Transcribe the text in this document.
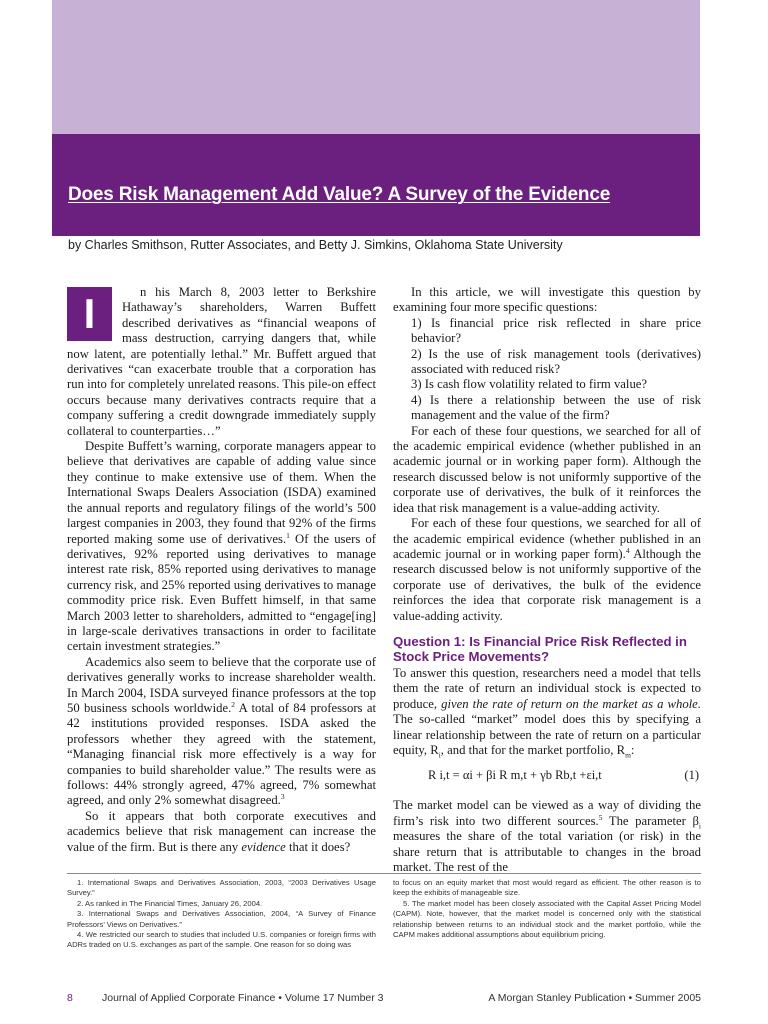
Does Risk Management Add Value? A Survey of the Evidence

by Charles Smithson, Rutter Associates, and Betty J. Simkins, Oklahoma State University

I	n his March 8, 2003 letter to Berkshire Hathaway’s shareholders, Warren Buffett described derivatives as “financial weapons of mass destruction, carrying dangers that, while now latent, are potentially lethal.” Mr. Buffett argued that derivatives “can exacerbate trouble that a corporation has run into for completely unrelated reasons. This pile-on effect occurs because many derivatives contracts require that a company suffering a credit downgrade immediately supply collateral to counterparties…”

Despite Buffett’s warning, corporate managers appear to believe that derivatives are capable of adding value since they continue to make extensive use of them. When the International Swaps Dealers Association (ISDA) examined the annual reports and regulatory filings of the world’s 500 largest companies in 2003, they found that 92% of the firms reported making some use of derivatives.$^1$ Of the users of derivatives, 92% reported using derivatives to manage interest rate risk, 85% reported using derivatives to manage currency risk, and 25% reported using derivatives to manage commodity price risk. Even Buffett himself, in that same March 2003 letter to shareholders, admitted to “engage[ing] in large-scale derivatives transactions in order to facilitate certain investment strategies.”

Academics also seem to believe that the corporate use of derivatives generally works to increase shareholder wealth. In March 2004, ISDA surveyed finance professors at the top 50 business schools worldwide.$^2$ A total of 84 professors at 42 institutions provided responses. ISDA asked the professors whether they agreed with the statement, “Managing financial risk more effectively is a way for companies to build shareholder value.” The results were as follows: 44% strongly agreed, 47% agreed, 7% somewhat agreed, and only 2% somewhat disagreed.$^3$

So it appears that both corporate executives and academics believe that risk management can increase the value of the firm. But is there any evidence that it does?

In this article, we will investigate this question by examining four more specific questions:

1) Is financial price risk reflected in share price behavior?

2) Is the use of risk management tools (derivatives) associated with reduced risk?

3) Is cash flow volatility related to firm value?

4) Is there a relationship between the use of risk management and the value of the firm?

For each of these four questions, we searched for all of the academic empirical evidence (whether published in an academic journal or in working paper form). Although the research discussed below is not uniformly supportive of the corporate use of derivatives, the bulk of it reinforces the idea that risk management is a value-adding activity.

For each of these four questions, we searched for all of the academic empirical evidence (whether published in an academic journal or in working paper form).$^4$ Although the research discussed below is not uniformly supportive of the corporate use of derivatives, the bulk of the evidence reinforces the idea that corporate risk management is a value-adding activity.

Question 1: Is Financial Price Risk Reflected in Stock Price Movements?

To answer this question, researchers need a model that tells them the rate of return an individual stock is expected to produce, given the rate of return on the market as a whole. The so-called “market” model does this by specifying a linear relationship between the rate of return on a particular equity, $R_i$, and that for the market portfolio, $R_m$:

R i,t = αi + βi R m,t + γb Rb,t +εi,t	(1)

The market model can be viewed as a way of dividing the firm’s risk into two different sources.$^5$ The parameter $\beta_i$ measures the share of the total variation (or risk) in the share return that is attributable to changes in the broad market. The rest of the

1. International Swaps and Derivatives Association, 2003, “2003 Derivatives Usage Survey.”

2. As ranked in The Financial Times, January 26, 2004.

3. International Swaps and Derivatives Association, 2004, “A Survey of Finance Professors’ Views on Derivatives.”

4. We restricted our search to studies that included U.S. companies or foreign firms with ADRs traded on U.S. exchanges as part of the sample. One reason for so doing was

to focus on an equity market that most would regard as efficient. The other reason is to keep the exhibits of manageable size.

5. The market model has been closely associated with the Capital Asset Pricing Model (CAPM). Note, however, that the market model is concerned only with the statistical relationship between returns to an individual stock and the market portfolio, while the CAPM makes additional assumptions about equilibrium pricing.

8	Journal of Applied Corporate Finance • Volume 17 Number 3	A Morgan Stanley Publication • Summer 2005
